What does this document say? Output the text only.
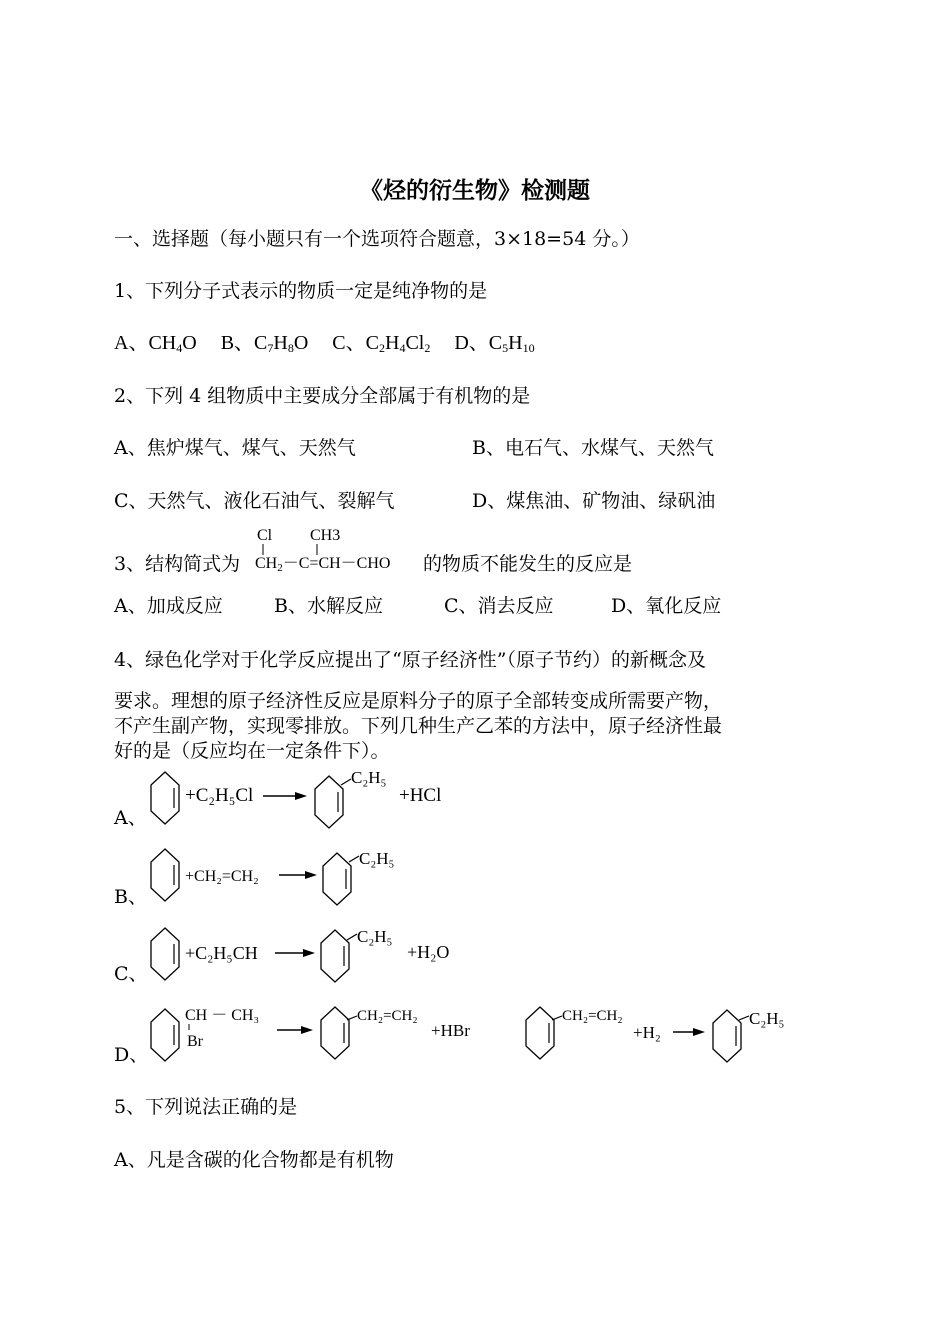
《烃的衍生物》检测题
一、选择题（每小题只有一个选项符合题意，3×18=54 分。）
1、下列分子式表示的物质一定是纯净物的是
A、$CH_4O$ B、$C_7H_8O$ C、$C_2H_4Cl_2$ D、$C_5H_{10}$
2、下列 4 组物质中主要成分全部属于有机物的是
A、焦炉煤气、煤气、天然气	B、电石气、水煤气、天然气
C、天然气、液化石油气、裂解气	D、煤焦油、矿物油、绿矾油
3、结构简式为
Cl CH3
CH2－C=CH－CHO 的物质不能发生的反应是
A、加成反应	B、水解反应	C、消去反应	D、氧化反应
4、绿色化学对于化学反应提出了“原子经济性”（原子节约）的新概念及
要求。理想的原子经济性反应是原料分子的原子全部转变成所需要产物，
不产生副产物，实现零排放。下列几种生产乙苯的方法中，原子经济性最
好的是（反应均在一定条件下）。
A、
+C₂H₅Cl
C₂H₅
+HCl
B、
+CH₂=CH₂
C₂H₅
C、
+C₂H₅CH
C₂H₅
+H₂O
D、
CH － CH₃
Br
CH₂=CH₂
+HBr
CH₂=CH₂
+H₂
C₂H₅
5、下列说法正确的是
A、凡是含碳的化合物都是有机物
